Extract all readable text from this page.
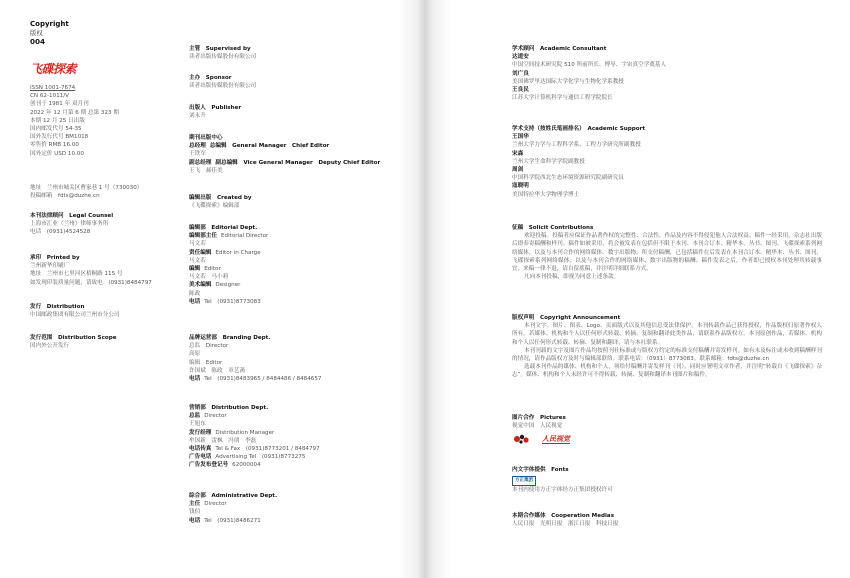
Copyright
版权
004
飞碟探索
ISSN 1001-7674
CN 62-1011/V
创刊于 1981 年 双月刊
2022 年 12 月第 6 期 总第 323 期
本期 12 月 25 日出版
国内邮发代号 54-35
国外发行代号 BM1018
零售价 RMB 16.00
国外定价 USD 10.00
地址　兰州市城关区曹家巷 1 号（730030）
投稿邮箱　fdts@duzhe.cn
本刊法律顾问　Legal Counsel
上海市汇业（兰州）律师事务所
电话　(0931)4524528
承印　Printed by
兰州新华印刷厂
地址　兰州市七里河区梧桐路 115 号
如发现印装质量问题，请致电：(0931)8484797
发行　Distribution
中国邮政集团有限公司兰州市分公司
发行范围　Distribution Scope
国内外公开发行
主管　Supervised by
读者出版传媒股份有限公司
主办　Sponsor
读者出版传媒股份有限公司
出版人　Publisher
刘永升
期刊出版中心
总经理 总编辑　General Manager　Chief Editor
王铁军
副总经理 副总编辑　Vice General Manager　Deputy Chief Editor
王飞　郝佳美
编辑出版　Created by
《飞碟探索》编辑部
编辑部　Editorial Dept.
编辑部主任 Editorial Director
马文若
责任编辑 Editor in Charge
马文若
编辑 Editor
马文若　马小莉
美术编辑 Designer
陈政
电话 Tel　(0931)8773083
品牌运营部　Branding Dept.
总监　Director
高原
编辑　Editor
许国斌　陈政　章艺菡
电话 Tel　(0931)8483965 / 8484486 / 8484657
营销部　Distribution Dept.
总监 Director
王旭东
发行经理 Distribution Manager
牟国新　雷枫　冯朋　李磊
电话传真 Tel & Fax　(0931)8773201 / 8484797
广告电话 Advertising Tel　(0931)8773275
广告发布登记号 62000004
综合部　Administrative Dept.
主任 Director
钱伯
电话 Tel　(0931)8486271
学术顾问　Academic Consultant
达道安
中国空间技术研究院 510 所前所长、博导、宇宙真空学奠基人
刘广良
美国佛罗里达国际大学化学与生物化学系教授
王良民
江苏大学计算机科学与通信工程学院院长
学术支持（按姓氏笔画排名）　Academic Support
王国华
兰州大学力学与工程科学系、工程力学研究所副教授
宋森
兰州大学生命科学学院副教授
周剑
中国科学院西北生态环境资源研究院副研究员
寇晓明
美国特拉华大学物理学博士
征稿　Solicit Contributions
欢迎投稿。投稿者应保证作品著作权的完整性、合法性，作品及内容不得侵犯他人合法权益。稿件一经采用，杂志社出版后即奉寄稿酬和样刊。稿件如被采用，将会被发表在包括但不限于本刊、本刊合订本、精华本、丛书、图刊、飞碟探索系列网络媒体，以及与本刊合作的网络媒体、数字出版物。所支付稿酬，已包括稿件在后发表在本刊合订本、精华本、丛书、图刊、飞碟探索系列网络媒体，以及与本刊合作的网络媒体、数字出版物的稿酬。稿件发表之后，作者即已授权本刊处理其转载事宜。来稿一律不退，请自留底稿，并注明详细联系方式。
凡向本刊投稿，即视为同意上述条款。
版权声明　Copyright Announcement
本刊文字、图片、图表、Logo、页面版式以及其他信息受法律保护。本刊转载作品已获得授权，作品版权归原著作权人所有。若媒体、机构和个人以任何形式转载、转摘、复制和翻译此类作品，请联系作品版权方。本刊原创作品，若媒体、机构和个人以任何形式转载、转摘、复制和翻译，请与本社联系。
本刊刊载的文字及图片作品均按照刊社标准或与版权方约定的标准支付稿酬并寄发样刊。如有未及标注或未收到稿酬样刊的情况，请作品版权方及时与编辑部联络。联系电话：（0931）8773083。联系邮箱：fdts@duzhe.cn
选载本刊作品的媒体、机构和个人，须给付稿酬并寄发样刊（刊），同时应署明文章作者，并注明“转载自《飞碟探索》杂志”。媒体、机构和个人未经许可不得转载、转摘、复制和翻译本刊图片和稿件。
图片合作　Pictures
视觉中国　人民视觉
人民视觉
内文字体提供　Fonts
方正集团
本刊内使用方正字体经方正集团授权许可
本期合作媒体　Cooperation Medias
人民日报　光明日报　浙江日报　科技日报
